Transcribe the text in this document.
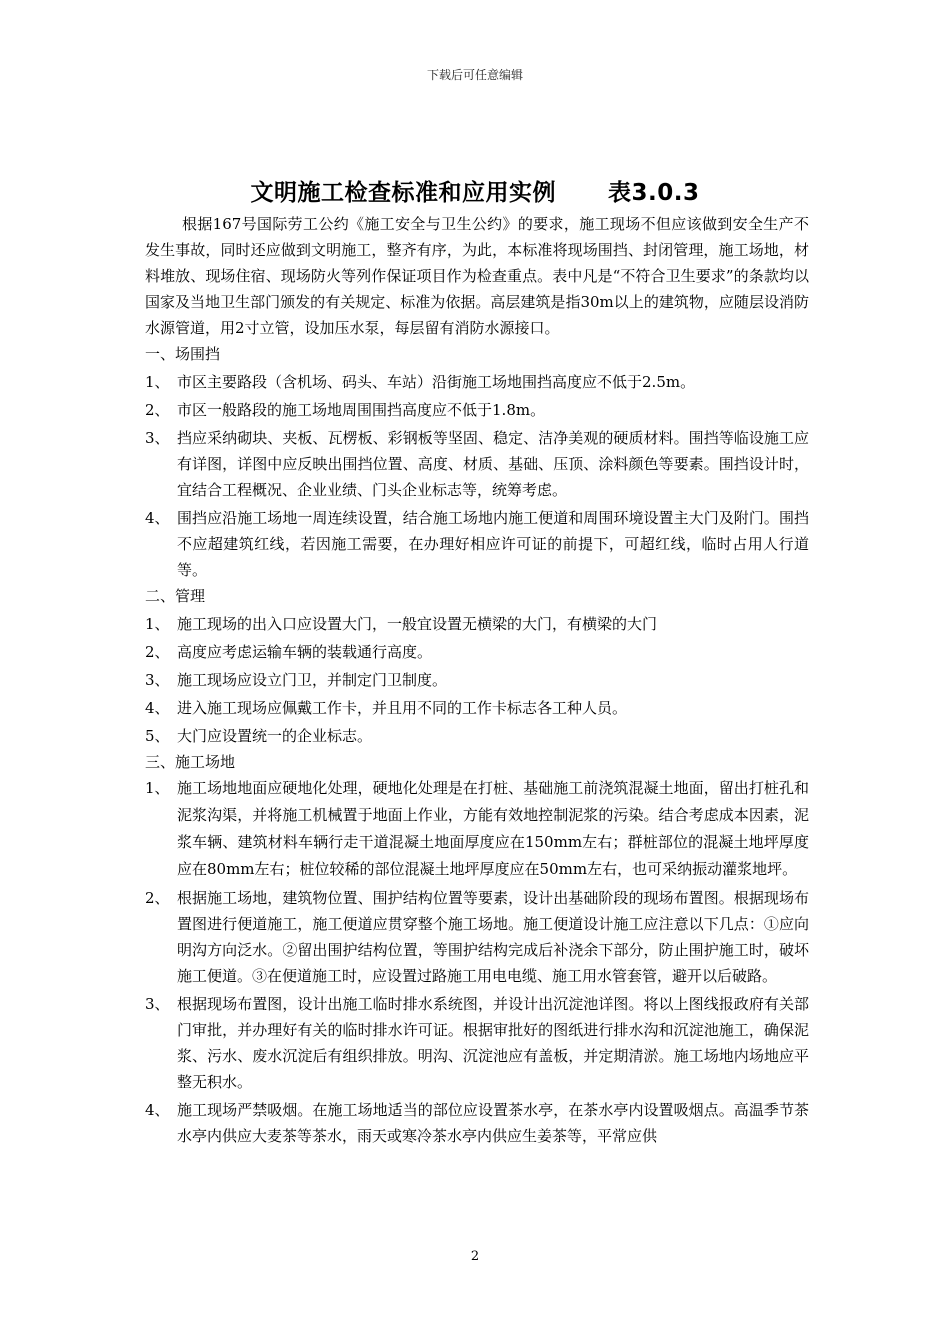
下载后可任意编辑
文明施工检查标准和应用实例 表3.0.3

根据167号国际劳工公约《施工安全与卫生公约》的要求，施工现场不但应该做到安全生产不发生事故，同时还应做到文明施工，整齐有序，为此，本标准将现场围挡、封闭管理，施工场地，材料堆放、现场住宿、现场防火等列作保证项目作为检查重点。表中凡是“不符合卫生要求”的条款均以国家及当地卫生部门颁发的有关规定、标准为依据。高层建筑是指30m以上的建筑物，应随层设消防水源管道，用2寸立管，设加压水泵，每层留有消防水源接口。

一、场围挡

1、 市区主要路段（含机场、码头、车站）沿街施工场地围挡高度应不低于2.5m。

2、 市区一般路段的施工场地周围围挡高度应不低于1.8m。

3、 挡应采纳砌块、夹板、瓦楞板、彩钢板等坚固、稳定、洁净美观的硬质材料。围挡等临设施工应有详图，详图中应反映出围挡位置、高度、材质、基础、压顶、涂料颜色等要素。围挡设计时，宜结合工程概况、企业业绩、门头企业标志等，统筹考虑。

4、 围挡应沿施工场地一周连续设置，结合施工场地内施工便道和周围环境设置主大门及附门。围挡不应超建筑红线，若因施工需要，在办理好相应许可证的前提下，可超红线，临时占用人行道等。

二、管理

1、 施工现场的出入口应设置大门，一般宜设置无横梁的大门，有横梁的大门

2、 高度应考虑运输车辆的装载通行高度。

3、 施工现场应设立门卫，并制定门卫制度。

4、 进入施工现场应佩戴工作卡，并且用不同的工作卡标志各工种人员。

5、 大门应设置统一的企业标志。

三、施工场地

1、 施工场地地面应硬地化处理，硬地化处理是在打桩、基础施工前浇筑混凝土地面，留出打桩孔和泥浆沟渠，并将施工机械置于地面上作业，方能有效地控制泥浆的污染。结合考虑成本因素，泥浆车辆、建筑材料车辆行走干道混凝土地面厚度应在150mm左右；群桩部位的混凝土地坪厚度应在80mm左右；桩位较稀的部位混凝土地坪厚度应在50mm左右，也可采纳振动灌浆地坪。

2、 根据施工场地，建筑物位置、围护结构位置等要素，设计出基础阶段的现场布置图。根据现场布置图进行便道施工，施工便道应贯穿整个施工场地。施工便道设计施工应注意以下几点：①应向明沟方向泛水。②留出围护结构位置，等围护结构完成后补浇余下部分，防止围护施工时，破坏施工便道。③在便道施工时，应设置过路施工用电电缆、施工用水管套管，避开以后破路。

3、 根据现场布置图，设计出施工临时排水系统图，并设计出沉淀池详图。将以上图线报政府有关部门审批，并办理好有关的临时排水许可证。根据审批好的图纸进行排水沟和沉淀池施工，确保泥浆、污水、废水沉淀后有组织排放。明沟、沉淀池应有盖板，并定期清淤。施工场地内场地应平整无积水。

4、 施工现场严禁吸烟。在施工场地适当的部位应设置茶水亭，在茶水亭内设置吸烟点。高温季节茶水亭内供应大麦茶等茶水，雨天或寒冷茶水亭内供应生姜茶等，平常应供

2
